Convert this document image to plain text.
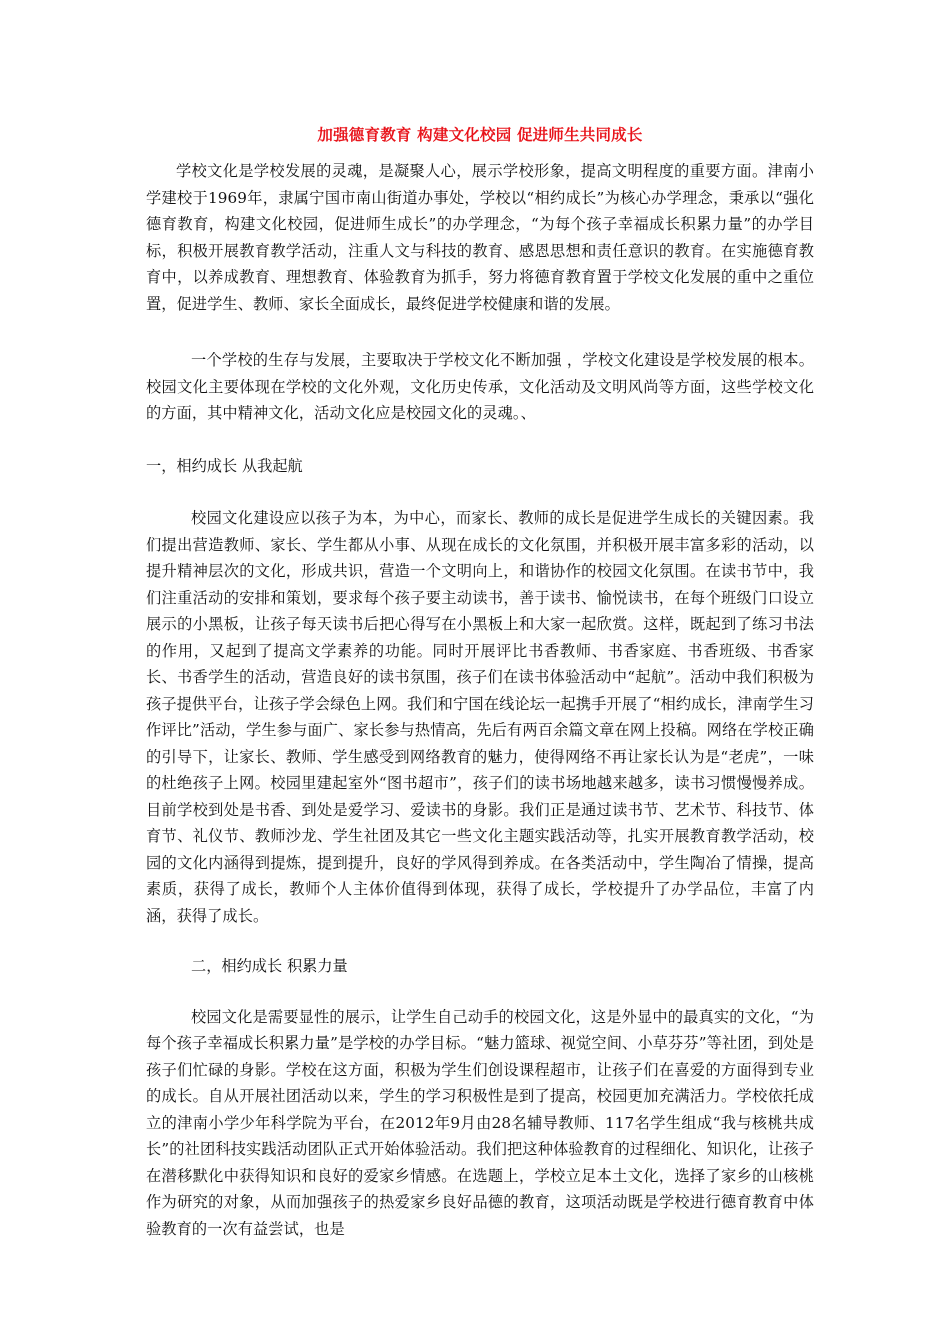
加强德育教育 构建文化校园 促进师生共同成长

学校文化是学校发展的灵魂，是凝聚人心，展示学校形象，提高文明程度的重要方面。津南小学建校于1969年，隶属宁国市南山街道办事处，学校以“相约成长”为核心办学理念，秉承以“强化德育教育，构建文化校园，促进师生成长”的办学理念，“为每个孩子幸福成长积累力量”的办学目标，积极开展教育教学活动，注重人文与科技的教育、感恩思想和责任意识的教育。在实施德育教育中，以养成教育、理想教育、体验教育为抓手，努力将德育教育置于学校文化发展的重中之重位置，促进学生、教师、家长全面成长，最终促进学校健康和谐的发展。

一个学校的生存与发展，主要取决于学校文化不断加强 ，学校文化建设是学校发展的根本。校园文化主要体现在学校的文化外观，文化历史传承，文化活动及文明风尚等方面，这些学校文化的方面，其中精神文化，活动文化应是校园文化的灵魂。、

一，相约成长 从我起航

校园文化建设应以孩子为本，为中心，而家长、教师的成长是促进学生成长的关键因素。我们提出营造教师、家长、学生都从小事、从现在成长的文化氛围，并积极开展丰富多彩的活动，以提升精神层次的文化，形成共识，营造一个文明向上，和谐协作的校园文化氛围。在读书节中，我们注重活动的安排和策划，要求每个孩子要主动读书，善于读书、愉悦读书，在每个班级门口设立展示的小黑板，让孩子每天读书后把心得写在小黑板上和大家一起欣赏。这样，既起到了练习书法的作用，又起到了提高文学素养的功能。同时开展评比书香教师、书香家庭、书香班级、书香家长、书香学生的活动，营造良好的读书氛围，孩子们在读书体验活动中“起航”。活动中我们积极为孩子提供平台，让孩子学会绿色上网。我们和宁国在线论坛一起携手开展了“相约成长，津南学生习作评比”活动，学生参与面广、家长参与热情高，先后有两百余篇文章在网上投稿。网络在学校正确的引导下，让家长、教师、学生感受到网络教育的魅力，使得网络不再让家长认为是“老虎”，一味的杜绝孩子上网。校园里建起室外“图书超市”，孩子们的读书场地越来越多，读书习惯慢慢养成。目前学校到处是书香、到处是爱学习、爱读书的身影。我们正是通过读书节、艺术节、科技节、体育节、礼仪节、教师沙龙、学生社团及其它一些文化主题实践活动等，扎实开展教育教学活动，校园的文化内涵得到提炼，提到提升，良好的学风得到养成。在各类活动中，学生陶冶了情操，提高素质，获得了成长，教师个人主体价值得到体现，获得了成长，学校提升了办学品位，丰富了内涵，获得了成长。

二，相约成长 积累力量

校园文化是需要显性的展示，让学生自己动手的校园文化，这是外显中的最真实的文化，“为每个孩子幸福成长积累力量”是学校的办学目标。“魅力篮球、视觉空间、小草芬芬”等社团，到处是孩子们忙碌的身影。学校在这方面，积极为学生们创设课程超市，让孩子们在喜爱的方面得到专业的成长。自从开展社团活动以来，学生的学习积极性是到了提高，校园更加充满活力。学校依托成立的津南小学少年科学院为平台，在2012年9月由28名辅导教师、117名学生组成“我与核桃共成长”的社团科技实践活动团队正式开始体验活动。我们把这种体验教育的过程细化、知识化，让孩子在潜移默化中获得知识和良好的爱家乡情感。在选题上，学校立足本土文化，选择了家乡的山核桃作为研究的对象，从而加强孩子的热爱家乡良好品德的教育，这项活动既是学校进行德育教育中体验教育的一次有益尝试，也是
